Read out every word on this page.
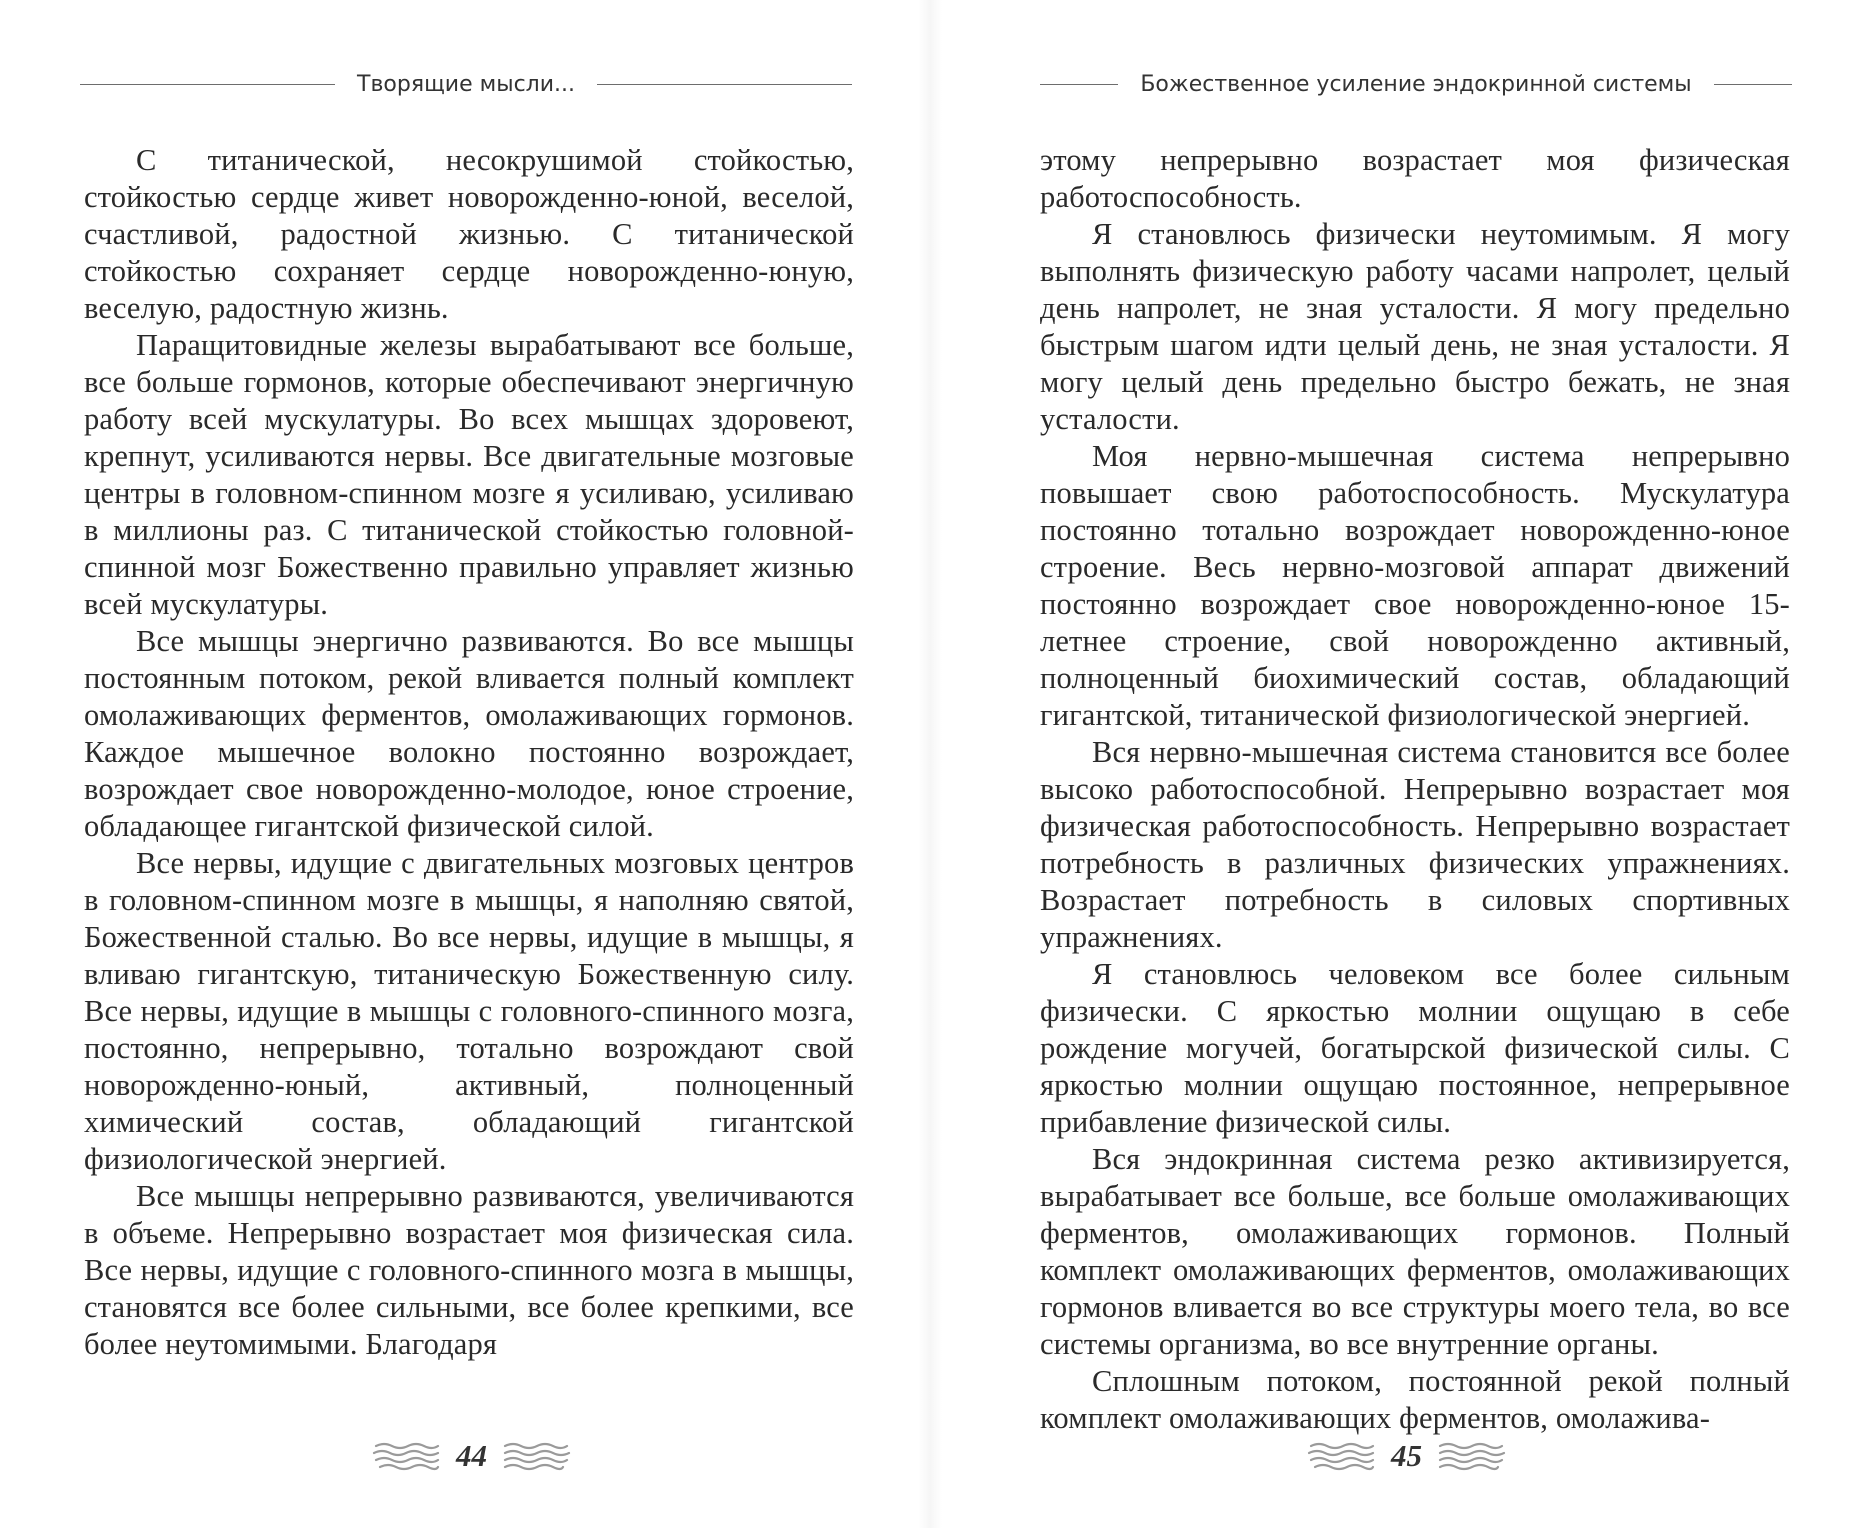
Творящие мысли...

С титанической, несокрушимой стойкостью, стойкостью сердце живет новорожденно-юной, веселой, счастливой, радостной жизнью. С титанической стойкостью сохраняет сердце новорожденно-юную, веселую, радостную жизнь.

Паращитовидные железы вырабатывают все больше, все больше гормонов, которые обеспечивают энергичную работу всей мускулатуры. Во всех мышцах здоровеют, крепнут, усиливаются нервы. Все двигательные мозговые центры в головном-спинном мозге я усиливаю, усиливаю в миллионы раз. С титанической стойкостью головной-спинной мозг Божественно правильно управляет жизнью всей мускулатуры.

Все мышцы энергично развиваются. Во все мышцы постоянным потоком, рекой вливается полный комплект омолаживающих ферментов, омолаживающих гормонов. Каждое мышечное волокно постоянно возрождает, возрождает свое новорожденно-молодое, юное строение, обладающее гигантской физической силой.

Все нервы, идущие с двигательных мозговых центров в головном-спинном мозге в мышцы, я наполняю святой, Божественной сталью. Во все нервы, идущие в мышцы, я вливаю гигантскую, титаническую Божественную силу. Все нервы, идущие в мышцы с головного-спинного мозга, постоянно, непрерывно, тотально возрождают свой новорожденно-юный, активный, полноценный химический состав, обладающий гигантской физиологической энергией.

Все мышцы непрерывно развиваются, увеличиваются в объеме. Непрерывно возрастает моя физическая сила. Все нервы, идущие с головного-спинного мозга в мышцы, становятся все более сильными, все более крепкими, все более неутомимыми. Благодаря

44
Божественное усиление эндокринной системы

этому непрерывно возрастает моя физическая работоспособность.

Я становлюсь физически неутомимым. Я могу выполнять физическую работу часами напролет, целый день напролет, не зная усталости. Я могу предельно быстрым шагом идти целый день, не зная усталости. Я могу целый день предельно быстро бежать, не зная усталости.

Моя нервно-мышечная система непрерывно повышает свою работоспособность. Мускулатура постоянно тотально возрождает новорожденно-юное строение. Весь нервно-мозговой аппарат движений постоянно возрождает свое новорожденно-юное 15-летнее строение, свой новорожденно активный, полноценный биохимический состав, обладающий гигантской, титанической физиологической энергией.

Вся нервно-мышечная система становится все более высоко работоспособной. Непрерывно возрастает моя физическая работоспособность. Непрерывно возрастает потребность в различных физических упражнениях. Возрастает потребность в силовых спортивных упражнениях.

Я становлюсь человеком все более сильным физически. С яркостью молнии ощущаю в себе рождение могучей, богатырской физической силы. С яркостью молнии ощущаю постоянное, непрерывное прибавление физической силы.

Вся эндокринная система резко активизируется, вырабатывает все больше, все больше омолаживающих ферментов, омолаживающих гормонов. Полный комплект омолаживающих ферментов, омолаживающих гормонов вливается во все структуры моего тела, во все системы организма, во все внутренние органы.

Сплошным потоком, постоянной рекой полный комплект омолаживающих ферментов, омолажива-

45
